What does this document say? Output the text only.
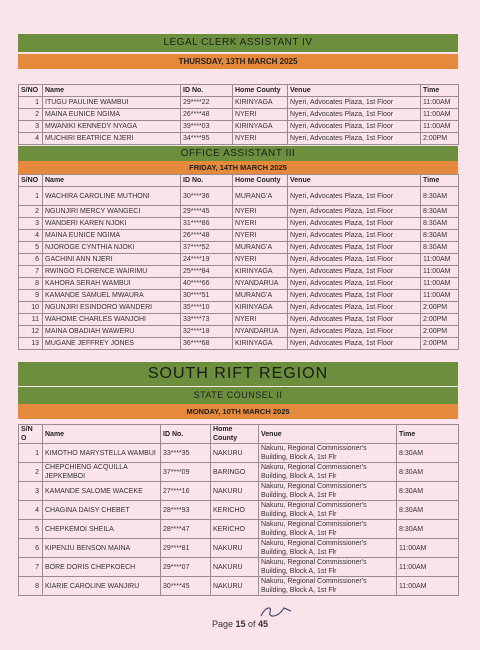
LEGAL CLERK ASSISTANT IV
THURSDAY, 13TH MARCH 2025
S/NO	Name	ID No.	Home County	Venue	Time
1	ITUGU PAULINE WAMBUI	29****22	KIRINYAGA	Nyeri, Advocates Plaza, 1st Floor	11:00AM
2	MAINA EUNICE NGIMA	26****48	NYERI	Nyeri, Advocates Plaza, 1st Floor	11:00AM
3	MWANIKI KENNEDY NYAGA	39****03	KIRINYAGA	Nyeri, Advocates Plaza, 1st Floor	11:00AM
4	MUCHIRI BEATRICE NJERI	34****95	NYERI	Nyeri, Advocates Plaza, 1st Floor	2:00PM
OFFICE ASSISTANT III
FRIDAY, 14TH MARCH 2025
S/NO	Name	ID No.	Home County	Venue	Time
1	WACHIRA CAROLINE MUTHONI	30****36	MURANG'A	Nyeri, Advocates Plaza, 1st Floor	8:30AM
2	NGUNJIRI MERCY WANGECI	29****45	NYERI	Nyeri, Advocates Plaza, 1st Floor	8:30AM
3	WANDERI KAREN NJOKI	31****86	NYERI	Nyeri, Advocates Plaza, 1st Floor	8:30AM
4	MAINA EUNICE NGIMA	26****48	NYERI	Nyeri, Advocates Plaza, 1st Floor	8:30AM
5	NJOROGE CYNTHIA NJOKI	37****52	MURANG'A	Nyeri, Advocates Plaza, 1st Floor	8:30AM
6	GACHINI ANN NJERI	24****19	NYERI	Nyeri, Advocates Plaza, 1st Floor	11:00AM
7	RWINGO FLORENCE WAIRIMU	25****84	KIRINYAGA	Nyeri, Advocates Plaza, 1st Floor	11:00AM
8	KAHORA SERAH WAMBUI	40****66	NYANDARUA	Nyeri, Advocates Plaza, 1st Floor	11:00AM
9	KAMANDE SAMUEL MWAURA	30****51	MURANG'A	Nyeri, Advocates Plaza, 1st Floor	11:00AM
10	NGUNJIRI ESINDORO WANDERI	35****10	KIRINYAGA	Nyeri, Advocates Plaza, 1st Floor	2:00PM
11	WAHOME CHARLES WANJOHI	33****73	NYERI	Nyeri, Advocates Plaza, 1st Floor	2:00PM
12	MAINA OBADIAH WAWERU	32****18	NYANDARUA	Nyeri, Advocates Plaza, 1st Floor	2:00PM
13	MUGANE JEFFREY JONES	36****68	KIRINYAGA	Nyeri, Advocates Plaza, 1st Floor	2:00PM
SOUTH RIFT REGION
STATE COUNSEL II
MONDAY, 10TH MARCH 2025
S/N O	Name	ID No.	Home County	Venue	Time
1	KIMOTHO MARYSTELLA WAMBUI	33****35	NAKURU	Nakuru, Regional Commissioner's Building, Block A, 1st Flr	8:30AM
2	CHEPCHIENG ACQUILLA JEPKEMBOI	37****09	BARINGO	Nakuru, Regional Commissioner's Building, Block A, 1st Flr	8:30AM
3	KAMANDE SALOME WACEKE	27****16	NAKURU	Nakuru, Regional Commissioner's Building, Block A, 1st Flr	8:30AM
4	CHAGINA DAISY CHEBET	28****93	KERICHO	Nakuru, Regional Commissioner's Building, Block A, 1st Flr	8:30AM
5	CHEPKEMOI SHEILA	28****47	KERICHO	Nakuru, Regional Commissioner's Building, Block A, 1st Flr	8:30AM
6	KIPENJU BENSON MAINA	29****81	NAKURU	Nakuru, Regional Commissioner's Building, Block A, 1st Flr	11:00AM
7	BORE DORIS CHEPKOECH	29****07	NAKURU	Nakuru, Regional Commissioner's Building, Block A, 1st Flr	11:00AM
8	KIARIE CAROLINE WANJIRU	30****45	NAKURU	Nakuru, Regional Commissioner's Building, Block A, 1st Flr	11:00AM
Page 15 of 45
